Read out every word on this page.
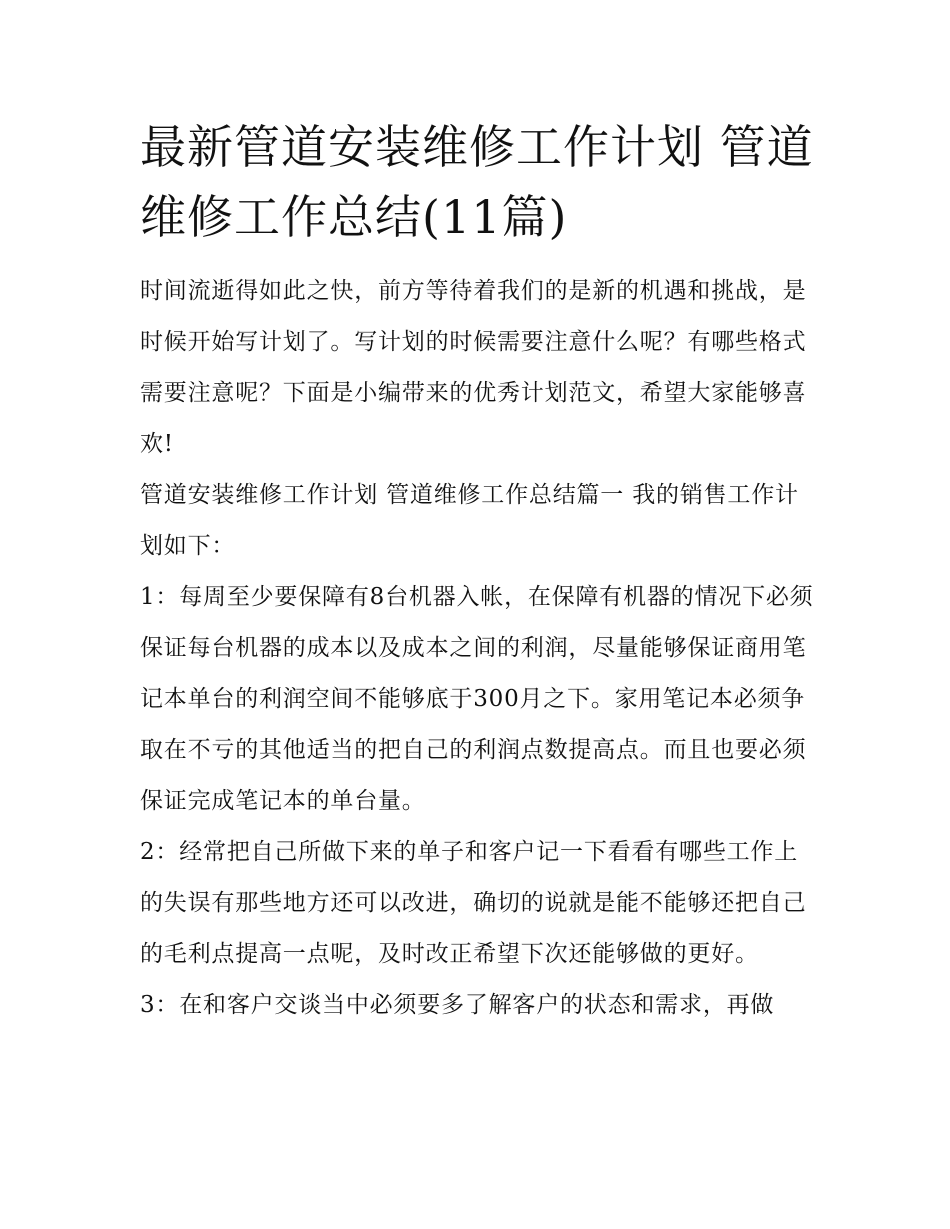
最新管道安装维修工作计划 管道维修工作总结(11篇)

时间流逝得如此之快，前方等待着我们的是新的机遇和挑战，是时候开始写计划了。写计划的时候需要注意什么呢？有哪些格式需要注意呢？下面是小编带来的优秀计划范文，希望大家能够喜欢!

管道安装维修工作计划 管道维修工作总结篇一 我的销售工作计划如下：

1：每周至少要保障有8台机器入帐，在保障有机器的情况下必须保证每台机器的成本以及成本之间的利润，尽量能够保证商用笔记本单台的利润空间不能够底于300月之下。家用笔记本必须争取在不亏的其他适当的把自己的利润点数提高点。而且也要必须保证完成笔记本的单台量。

2：经常把自己所做下来的单子和客户记一下看看有哪些工作上的失误有那些地方还可以改进，确切的说就是能不能够还把自己的毛利点提高一点呢，及时改正希望下次还能够做的更好。

3：在和客户交谈当中必须要多了解客户的状态和需求，再做
